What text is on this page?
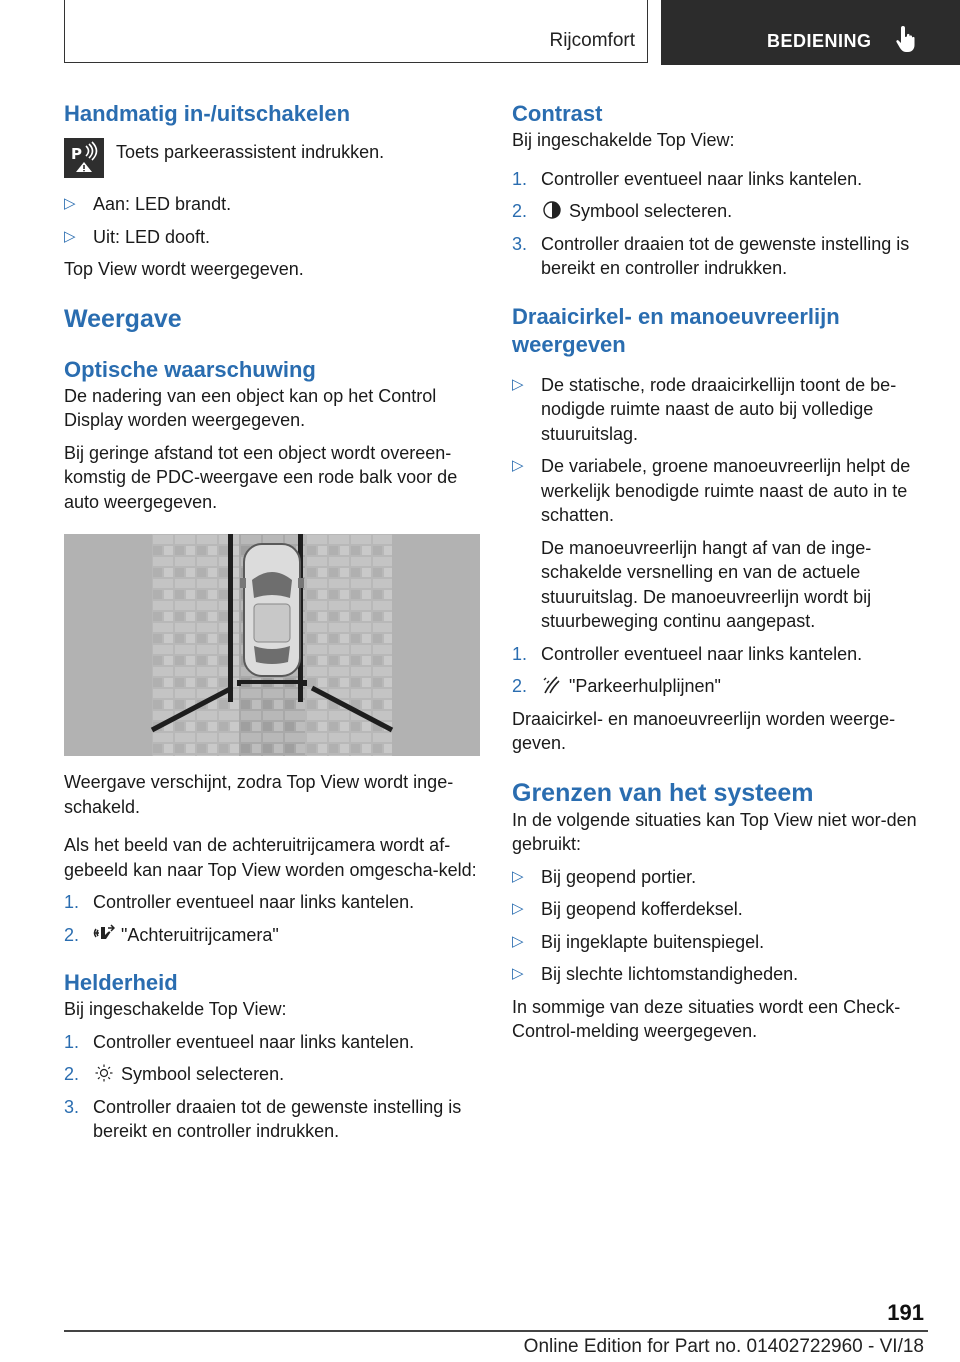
Rijcomfort	BEDIENING
Handmatig in-/uitschakelen
P Toets parkeerassistent indrukken.

▷ Aan: LED brandt.
▷ Uit: LED dooft.

Top View wordt weergegeven.

Weergave
Optische waarschuwing

De nadering van een object kan op het Control Display worden weergegeven.

Bij geringe afstand tot een object wordt overeen-komstig de PDC-weergave een rode balk voor de auto weergegeven.

Weergave verschijnt, zodra Top View wordt inge-schakeld.

Als het beeld van de achteruitrijcamera wordt af-gebeeld kan naar Top View worden omgescha-keld:

1. Controller eventueel naar links kantelen.
2. "Achteruitrijcamera"
Helderheid

Bij ingeschakelde Top View:

1. Controller eventueel naar links kantelen.
2. Symbool selecteren.
3. Controller draaien tot de gewenste instelling is bereikt en controller indrukken.
Contrast

Bij ingeschakelde Top View:

1. Controller eventueel naar links kantelen.
2. Symbool selecteren.
3. Controller draaien tot de gewenste instelling is bereikt en controller indrukken.
Draaicirkel- en manoeuvreerlijn weergeven
▷ De statische, rode draaicirkellijn toont de be-nodigde ruimte naast de auto bij volledige stuuruitslag.
▷ De variabele, groene manoeuvreerlijn helpt de werkelijk benodigde ruimte naast de auto in te schatten.

De manoeuvreerlijn hangt af van de inge-schakelde versnelling en van de actuele stuuruitslag. De manoeuvreerlijn wordt bij stuurbeweging continu aangepast.

1. Controller eventueel naar links kantelen.
2. "Parkeerhulplijnen"

Draaicirkel- en manoeuvreerlijn worden weerge-geven.

Grenzen van het systeem

In de volgende situaties kan Top View niet wor-den gebruikt:

▷ Bij geopend portier.
▷ Bij geopend kofferdeksel.
▷ Bij ingeklapte buitenspiegel.
▷ Bij slechte lichtomstandigheden.

In sommige van deze situaties wordt een Check-Control-melding weergegeven.

191
Online Edition for Part no. 01402722960 - VI/18
